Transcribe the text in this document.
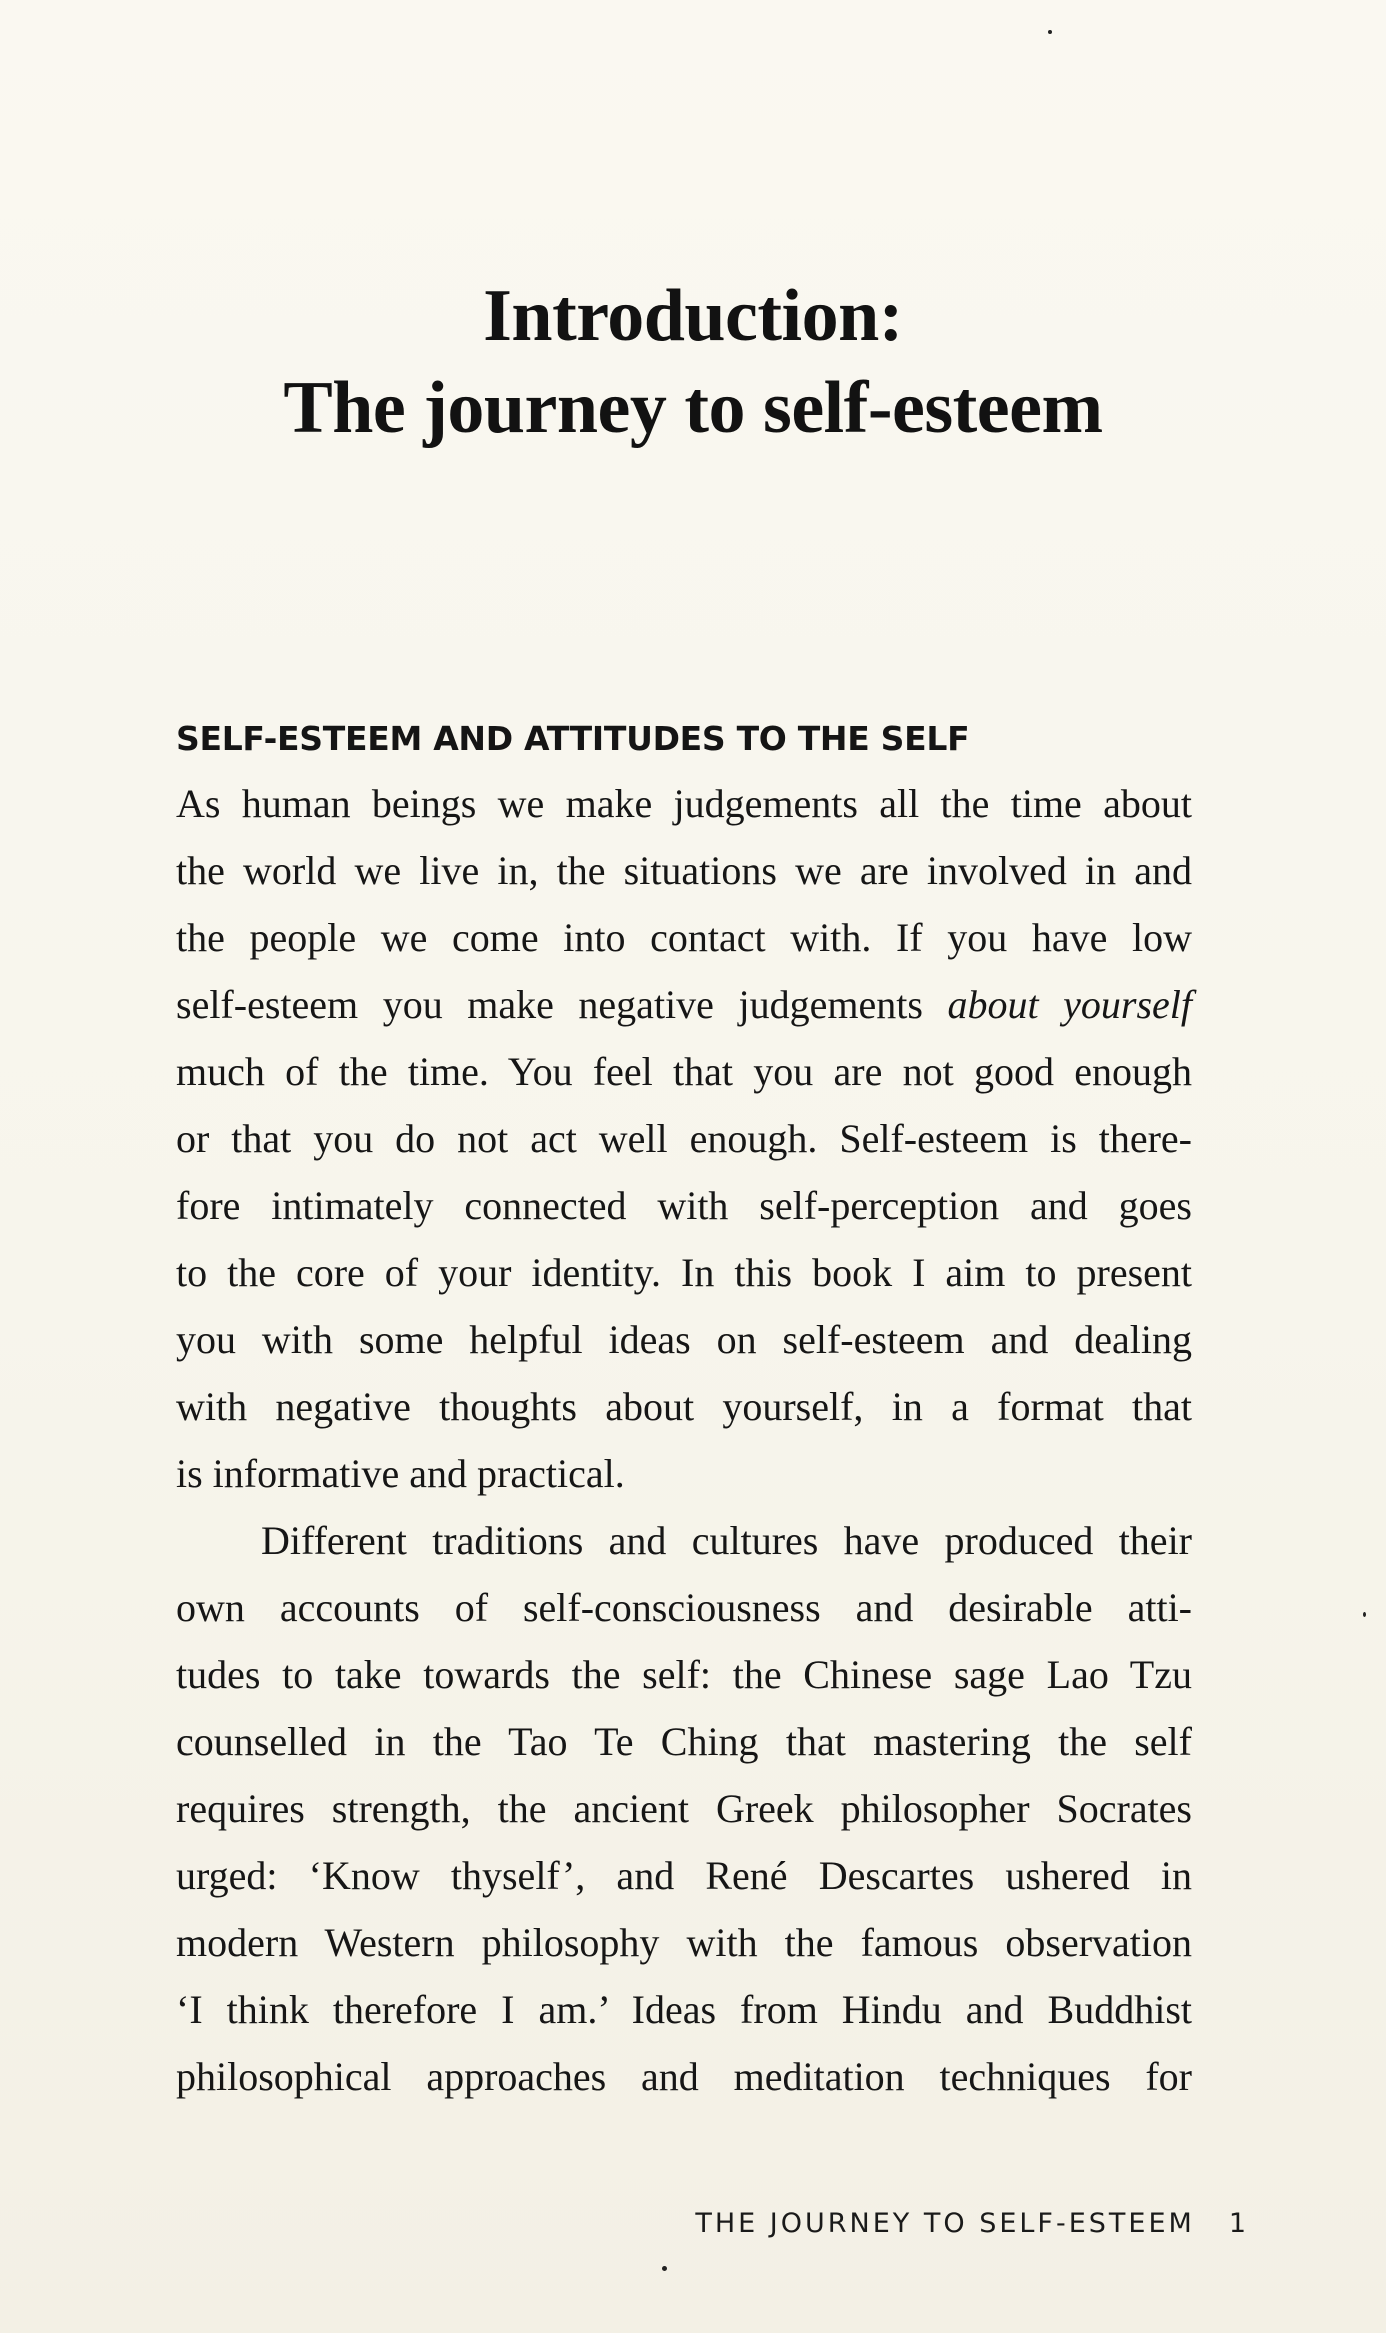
Introduction:
The journey to self-esteem
SELF-ESTEEM AND ATTITUDES TO THE SELF

As human beings we make judgements all the time about
the world we live in, the situations we are involved in and
the people we come into contact with. If you have low
self-esteem you make negative judgements about yourself
much of the time. You feel that you are not good enough
or that you do not act well enough. Self-esteem is there-
fore intimately connected with self-perception and goes
to the core of your identity. In this book I aim to present
you with some helpful ideas on self-esteem and dealing
with negative thoughts about yourself, in a format that
is informative and practical.

Different traditions and cultures have produced their
own accounts of self-consciousness and desirable atti-
tudes to take towards the self: the Chinese sage Lao Tzu
counselled in the Tao Te Ching that mastering the self
requires strength, the ancient Greek philosopher Socrates
urged: ‘Know thyself’, and René Descartes ushered in
modern Western philosophy with the famous observation
‘I think therefore I am.’ Ideas from Hindu and Buddhist
philosophical approaches and meditation techniques for

THE JOURNEY TO SELF-ESTEEM 1
